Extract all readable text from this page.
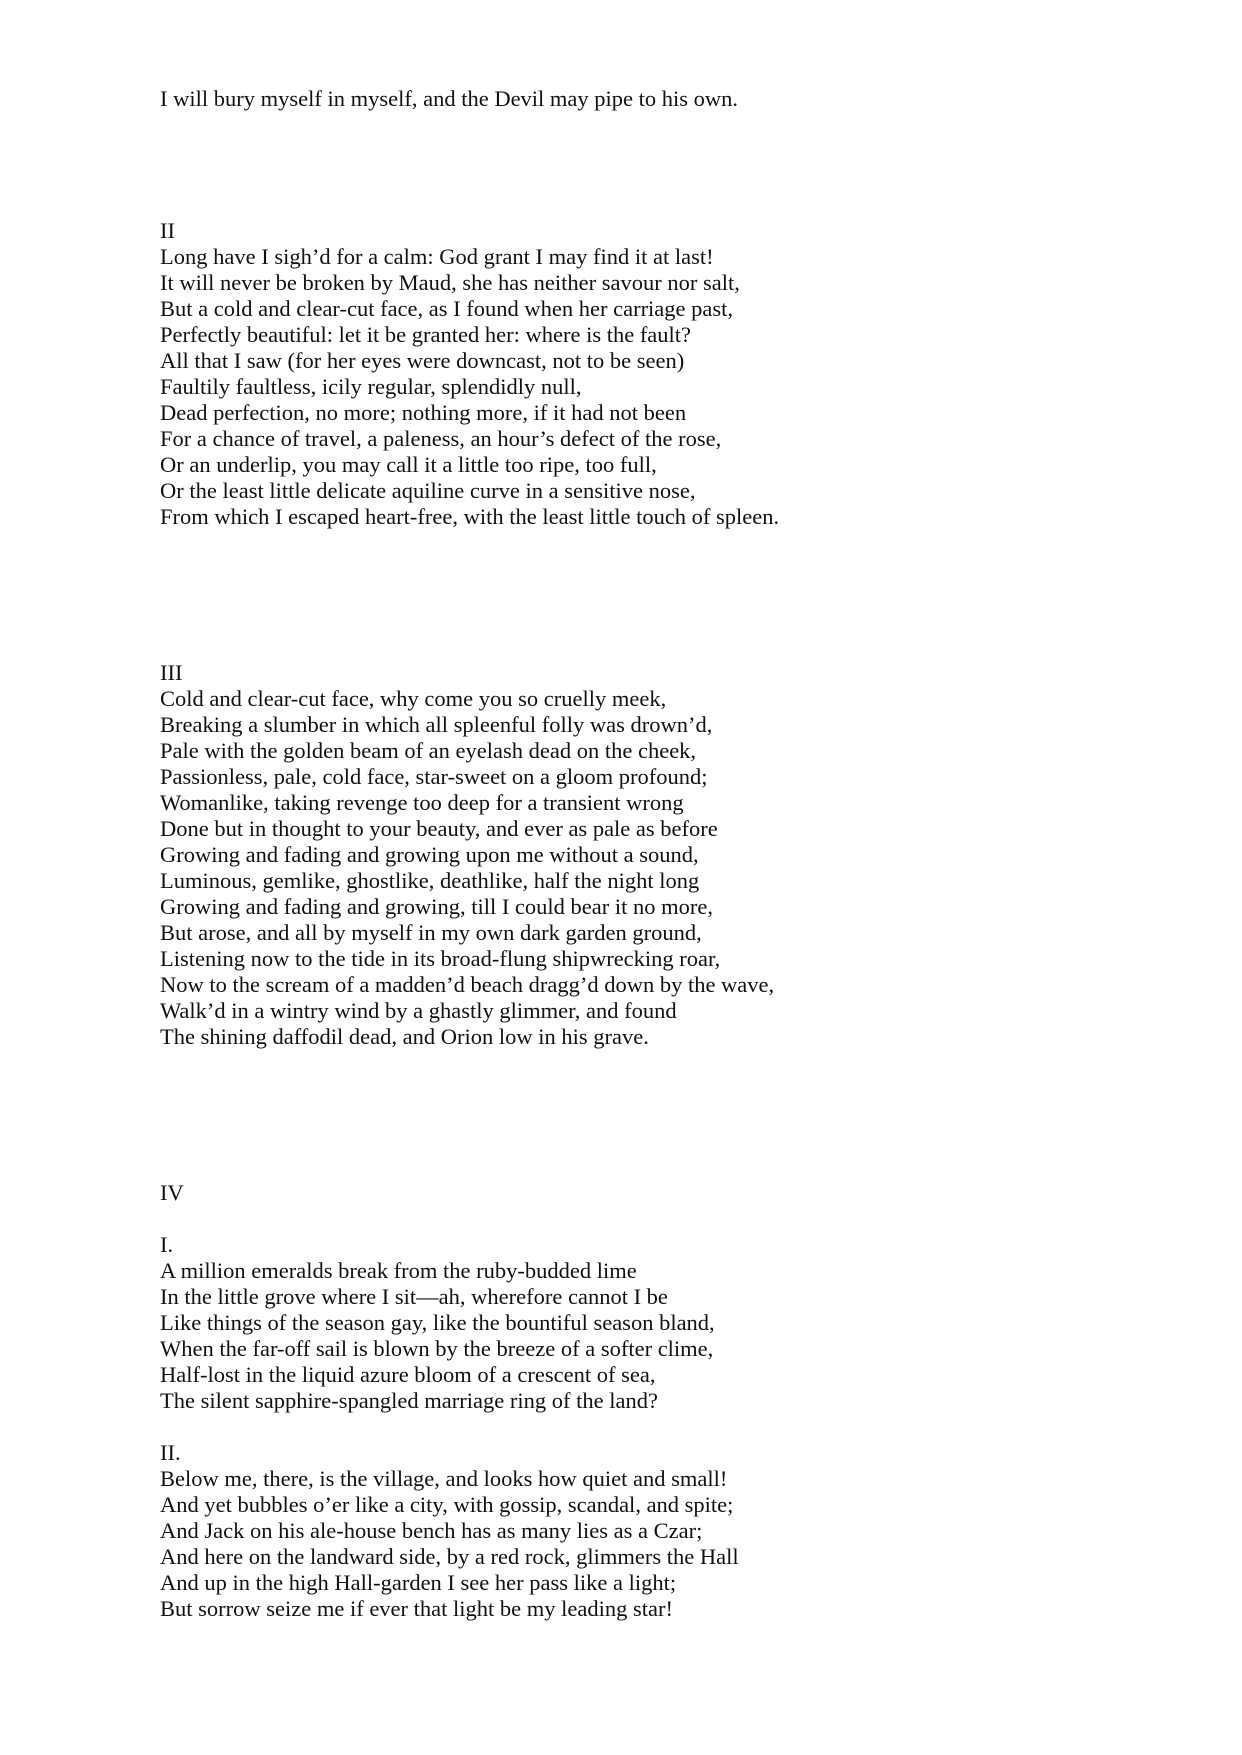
I will bury myself in myself, and the Devil may pipe to his own.
II
Long have I sigh’d for a calm: God grant I may find it at last!
It will never be broken by Maud, she has neither savour nor salt,
But a cold and clear-cut face, as I found when her carriage past,
Perfectly beautiful: let it be granted her: where is the fault?
All that I saw (for her eyes were downcast, not to be seen)
Faultily faultless, icily regular, splendidly null,
Dead perfection, no more; nothing more, if it had not been
For a chance of travel, a paleness, an hour’s defect of the rose,
Or an underlip, you may call it a little too ripe, too full,
Or the least little delicate aquiline curve in a sensitive nose,
From which I escaped heart-free, with the least little touch of spleen.
III
Cold and clear-cut face, why come you so cruelly meek,
Breaking a slumber in which all spleenful folly was drown’d,
Pale with the golden beam of an eyelash dead on the cheek,
Passionless, pale, cold face, star-sweet on a gloom profound;
Womanlike, taking revenge too deep for a transient wrong
Done but in thought to your beauty, and ever as pale as before
Growing and fading and growing upon me without a sound,
Luminous, gemlike, ghostlike, deathlike, half the night long
Growing and fading and growing, till I could bear it no more,
But arose, and all by myself in my own dark garden ground,
Listening now to the tide in its broad-flung shipwrecking roar,
Now to the scream of a madden’d beach dragg’d down by the wave,
Walk’d in a wintry wind by a ghastly glimmer, and found
The shining daffodil dead, and Orion low in his grave.
IV
I.
A million emeralds break from the ruby-budded lime
In the little grove where I sit—ah, wherefore cannot I be
Like things of the season gay, like the bountiful season bland,
When the far-off sail is blown by the breeze of a softer clime,
Half-lost in the liquid azure bloom of a crescent of sea,
The silent sapphire-spangled marriage ring of the land?
II.
Below me, there, is the village, and looks how quiet and small!
And yet bubbles o’er like a city, with gossip, scandal, and spite;
And Jack on his ale-house bench has as many lies as a Czar;
And here on the landward side, by a red rock, glimmers the Hall
And up in the high Hall-garden I see her pass like a light;
But sorrow seize me if ever that light be my leading star!
